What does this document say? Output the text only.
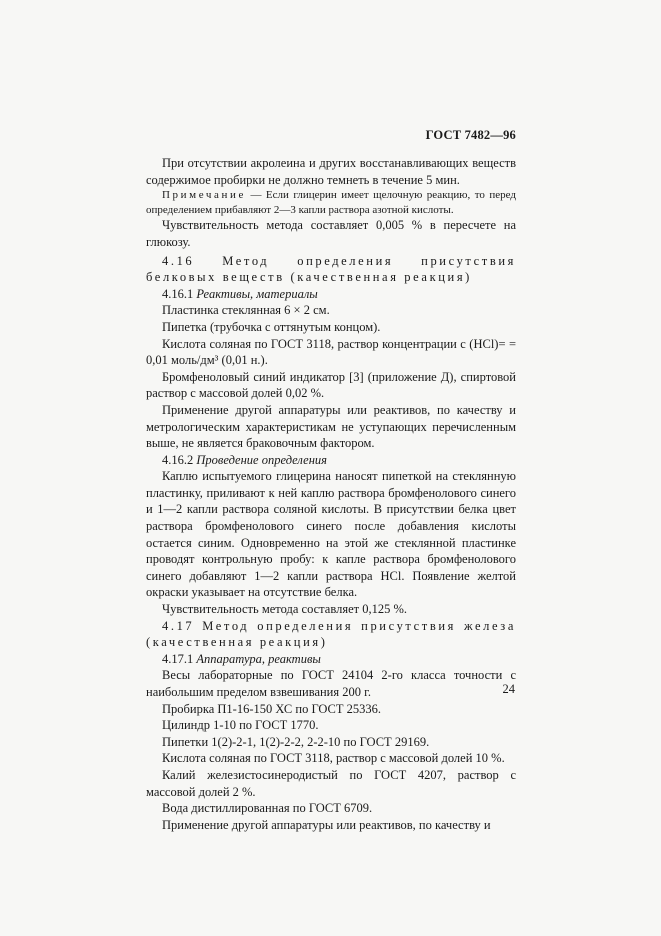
ГОСТ 7482—96

При отсутствии акролеина и других восстанавливающих веществ содержимое пробирки не должно темнеть в течение 5 мин.

Примечание — Если глицерин имеет щелочную реакцию, то перед определением прибавляют 2—3 капли раствора азотной кислоты.

Чувствительность метода составляет 0,005 % в пересчете на глюкозу.

4.16 Метод определения присутствия белковых веществ (качественная реакция)

4.16.1 Реактивы, материалы

Пластинка стеклянная 6 × 2 см.

Пипетка (трубочка с оттянутым концом).

Кислота соляная по ГОСТ 3118, раствор концентрации c (HCl)= = 0,01 моль/дм³ (0,01 н.).

Бромфеноловый синий индикатор [3] (приложение Д), спиртовой раствор с массовой долей 0,02 %.

Применение другой аппаратуры или реактивов, по качеству и метрологическим характеристикам не уступающих перечисленным выше, не является браковочным фактором.

4.16.2 Проведение определения

Каплю испытуемого глицерина наносят пипеткой на стеклянную пластинку, приливают к ней каплю раствора бромфенолового синего и 1—2 капли раствора соляной кислоты. В присутствии белка цвет раствора бромфенолового синего после добавления кислоты остается синим. Одновременно на этой же стеклянной пластинке проводят контрольную пробу: к капле раствора бромфенолового синего добавляют 1—2 капли раствора HCl. Появление желтой окраски указывает на отсутствие белка.

Чувствительность метода составляет 0,125 %.

4.17 Метод определения присутствия железа (качественная реакция)

4.17.1 Аппаратура, реактивы

Весы лабораторные по ГОСТ 24104 2-го класса точности с наибольшим пределом взвешивания 200 г.

Пробирка П1-16-150 ХС по ГОСТ 25336.

Цилиндр 1-10 по ГОСТ 1770.

Пипетки 1(2)-2-1, 1(2)-2-2, 2-2-10 по ГОСТ 29169.

Кислота соляная по ГОСТ 3118, раствор с массовой долей 10 %.

Калий железистосинеродистый по ГОСТ 4207, раствор с массовой долей 2 %.

Вода дистиллированная по ГОСТ 6709.

Применение другой аппаратуры или реактивов, по качеству и

24
